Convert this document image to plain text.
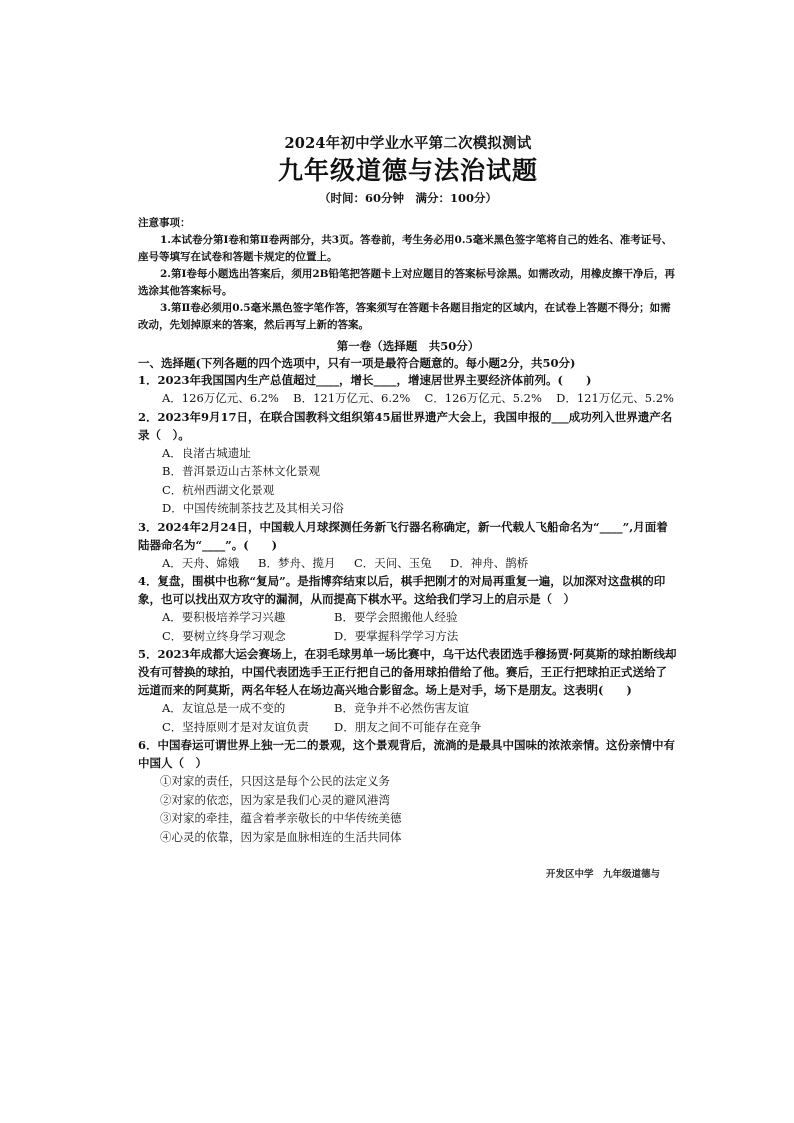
2024年初中学业水平第二次模拟测试
九年级道德与法治试题
（时间：60分钟　满分：100分）
注意事项：
1.本试卷分第Ⅰ卷和第Ⅱ卷两部分，共3页。答卷前，考生务必用0.5毫米黑色签字笔将自己的姓名、准考证号、座号等填写在试卷和答题卡规定的位置上。
2.第Ⅰ卷每小题选出答案后，须用2B铅笔把答题卡上对应题目的答案标号涂黑。如需改动，用橡皮擦干净后，再选涂其他答案标号。
3.第Ⅱ卷必须用0.5毫米黑色签字笔作答，答案须写在答题卡各题目指定的区域内，在试卷上答题不得分；如需改动，先划掉原来的答案，然后再写上新的答案。
第一卷（选择题　共50分）
一、选择题(下列各题的四个选项中，只有一项是最符合题意的。每小题2分，共50分)
1．2023年我国国内生产总值超过____，增长____，增速居世界主要经济体前列。(　　)
A．126万亿元、6.2% B．121万亿元、6.2% C．126万亿元、5.2% D．121万亿元、5.2%
2．2023年9月17日，在联合国教科文组织第45届世界遗产大会上，我国申报的___成功列入世界遗产名录（　）。
A．良渚古城遗址
B．普洱景迈山古茶林文化景观
C．杭州西湖文化景观
D．中国传统制茶技艺及其相关习俗
3．2024年2月24日，中国载人月球探测任务新飞行器名称确定，新一代载人飞船命名为“____”,月面着陆器命名为“____”。(　　)
A．天舟、嫦娥	B．梦舟、揽月	C．天问、玉兔	D．神舟、鹊桥
4．复盘，围棋中也称“复局”。是指博弈结束以后，棋手把刚才的对局再重复一遍，以加深对这盘棋的印象，也可以找出双方攻守的漏洞，从而提高下棋水平。这给我们学习上的启示是（　）
A．要积极培养学习兴趣	B．要学会照搬他人经验
C．要树立终身学习观念	D．要掌握科学学习方法
5．2023年成都大运会赛场上，在羽毛球男单一场比赛中，乌干达代表团选手穆扬贾·阿莫斯的球拍断线却没有可替换的球拍，中国代表团选手王正行把自己的备用球拍借给了他。赛后，王正行把球拍正式送给了远道而来的阿莫斯，两名年轻人在场边高兴地合影留念。场上是对手，场下是朋友。这表明(　　)
A．友谊总是一成不变的	B．竞争并不必然伤害友谊
C．坚持原则才是对友谊负责	D．朋友之间不可能存在竞争
6．中国春运可谓世界上独一无二的景观，这个景观背后，流淌的是最具中国味的浓浓亲情。这份亲情中有中国人（　）
①对家的责任，只因这是每个公民的法定义务
②对家的依恋，因为家是我们心灵的避风港湾
③对家的牵挂，蕴含着孝亲敬长的中华传统美德
④心灵的依靠，因为家是血脉相连的生活共同体
开发区中学　九年级道德与
